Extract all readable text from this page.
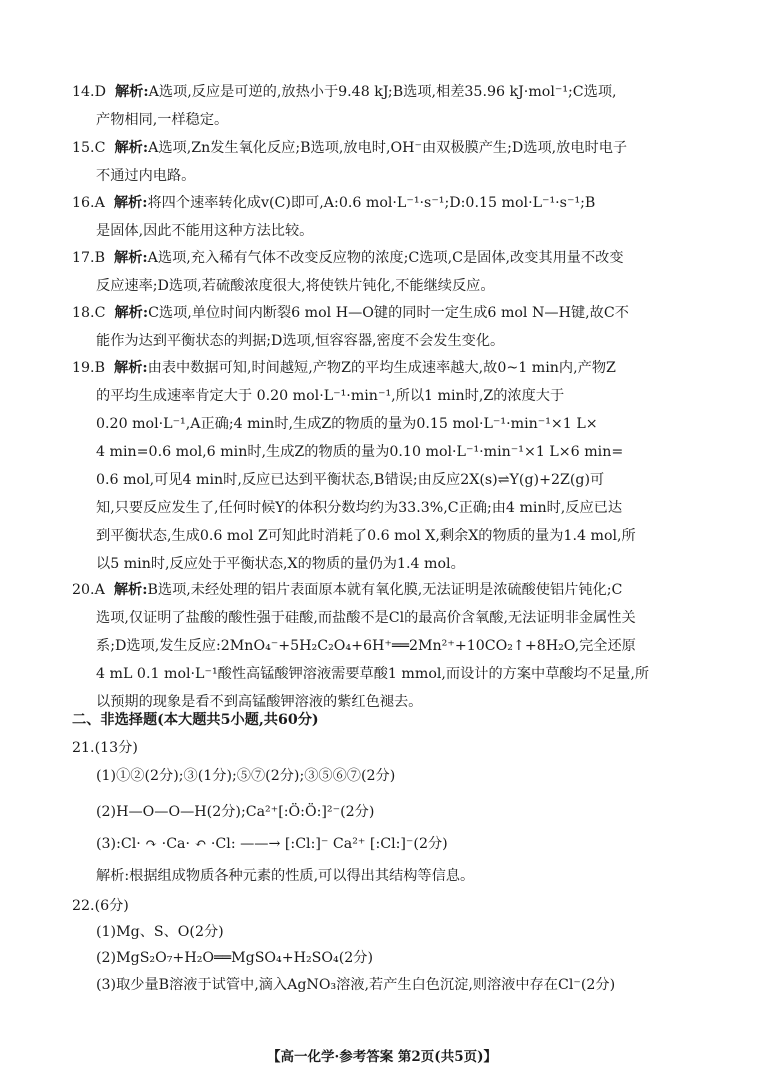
14.D 解析:A选项,反应是可逆的,放热小于9.48 kJ;B选项,相差35.96 kJ·mol⁻¹;C选项,
产物相同,一样稳定。
15.C 解析:A选项,Zn发生氧化反应;B选项,放电时,OH⁻由双极膜产生;D选项,放电时电子
不通过内电路。
16.A 解析:将四个速率转化成v(C)即可,A:0.6 mol·L⁻¹·s⁻¹;D:0.15 mol·L⁻¹·s⁻¹;B
是固体,因此不能用这种方法比较。
17.B 解析:A选项,充入稀有气体不改变反应物的浓度;C选项,C是固体,改变其用量不改变
反应速率;D选项,若硫酸浓度很大,将使铁片钝化,不能继续反应。
18.C 解析:C选项,单位时间内断裂6 mol H—O键的同时一定生成6 mol N—H键,故C不
能作为达到平衡状态的判据;D选项,恒容容器,密度不会发生变化。
19.B 解析:由表中数据可知,时间越短,产物Z的平均生成速率越大,故0~1 min内,产物Z
的平均生成速率肯定大于 0.20 mol·L⁻¹·min⁻¹,所以1 min时,Z的浓度大于
0.20 mol·L⁻¹,A正确;4 min时,生成Z的物质的量为0.15 mol·L⁻¹·min⁻¹×1 L×
4 min=0.6 mol,6 min时,生成Z的物质的量为0.10 mol·L⁻¹·min⁻¹×1 L×6 min=
0.6 mol,可见4 min时,反应已达到平衡状态,B错误;由反应2X(s)⇌Y(g)+2Z(g)可
知,只要反应发生了,任何时候Y的体积分数均约为33.3%,C正确;由4 min时,反应已达
到平衡状态,生成0.6 mol Z可知此时消耗了0.6 mol X,剩余X的物质的量为1.4 mol,所
以5 min时,反应处于平衡状态,X的物质的量仍为1.4 mol。
20.A 解析:B选项,未经处理的铝片表面原本就有氧化膜,无法证明是浓硫酸使铝片钝化;C
选项,仅证明了盐酸的酸性强于硅酸,而盐酸不是Cl的最高价含氧酸,无法证明非金属性关
系;D选项,发生反应:2MnO₄⁻+5H₂C₂O₄+6H⁺══2Mn²⁺+10CO₂↑+8H₂O,完全还原
4 mL 0.1 mol·L⁻¹酸性高锰酸钾溶液需要草酸1 mmol,而设计的方案中草酸均不足量,所
以预期的现象是看不到高锰酸钾溶液的紫红色褪去。
二、非选择题(本大题共5小题,共60分)
21.(13分)
(1)①②(2分);③(1分);⑤⑦(2分);③⑤⑥⑦(2分)
(2)H—O—O—H(2分);Ca²⁺[:Ö:Ö:]²⁻(2分)
(3):Cl· ↷ ·Ca· ↶ ·Cl: ——→ [:Cl:]⁻ Ca²⁺ [:Cl:]⁻(2分)
解析:根据组成物质各种元素的性质,可以得出其结构等信息。
22.(6分)
(1)Mg、S、O(2分)
(2)MgS₂O₇+H₂O══MgSO₄+H₂SO₄(2分)
(3)取少量B溶液于试管中,滴入AgNO₃溶液,若产生白色沉淀,则溶液中存在Cl⁻(2分)
【高一化学·参考答案 第2页(共5页)】
